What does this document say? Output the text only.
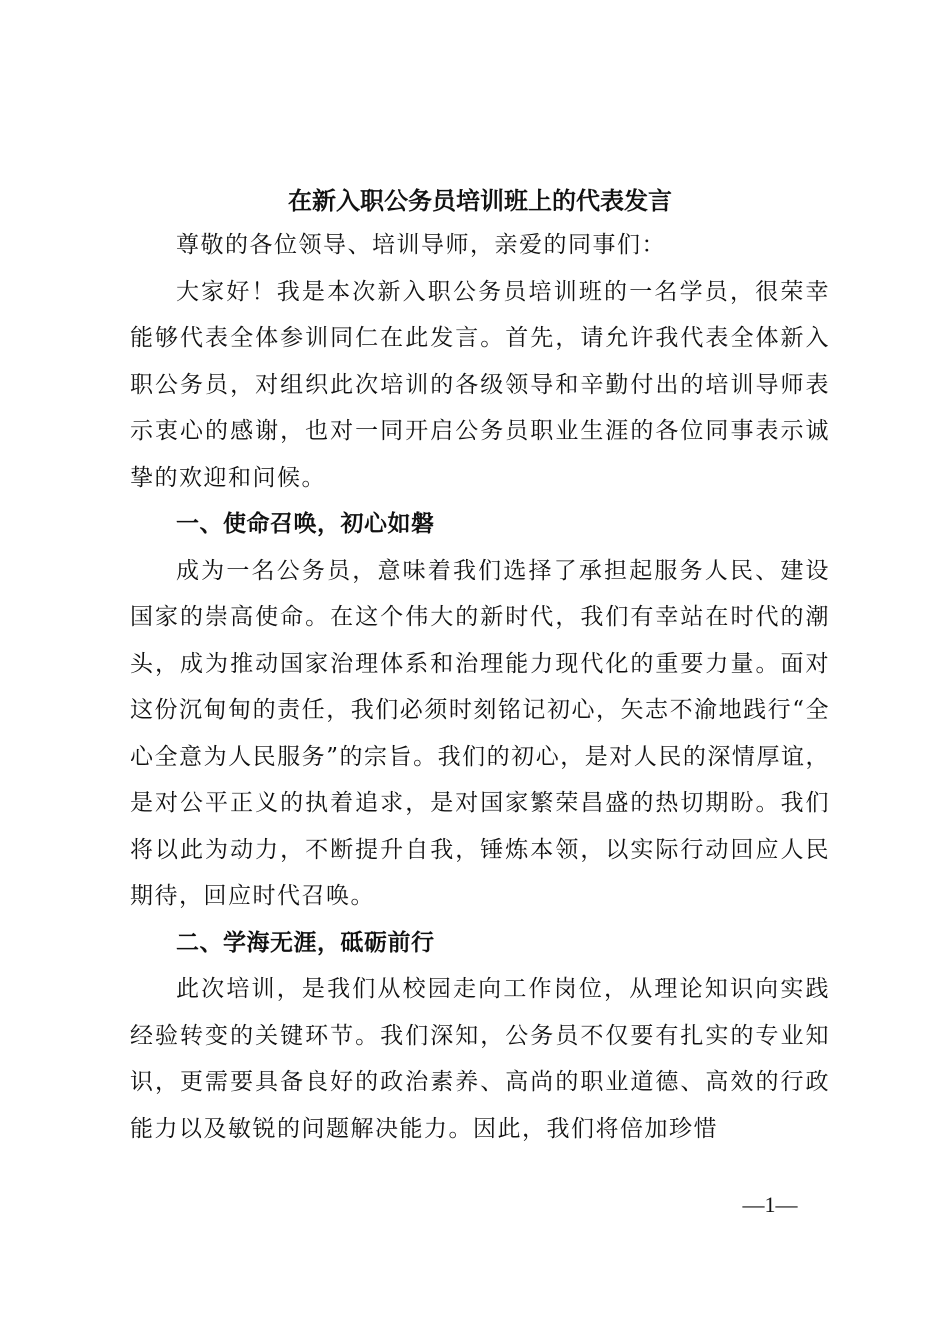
在新入职公务员培训班上的代表发言

尊敬的各位领导、培训导师，亲爱的同事们：

大家好！我是本次新入职公务员培训班的一名学员，很荣幸能够代表全体参训同仁在此发言。首先，请允许我代表全体新入职公务员，对组织此次培训的各级领导和辛勤付出的培训导师表示衷心的感谢，也对一同开启公务员职业生涯的各位同事表示诚挚的欢迎和问候。

一、使命召唤，初心如磐

成为一名公务员，意味着我们选择了承担起服务人民、建设国家的崇高使命。在这个伟大的新时代，我们有幸站在时代的潮头，成为推动国家治理体系和治理能力现代化的重要力量。面对这份沉甸甸的责任，我们必须时刻铭记初心，矢志不渝地践行“全心全意为人民服务”的宗旨。我们的初心，是对人民的深情厚谊，是对公平正义的执着追求，是对国家繁荣昌盛的热切期盼。我们将以此为动力，不断提升自我，锤炼本领，以实际行动回应人民期待，回应时代召唤。

二、学海无涯，砥砺前行

此次培训，是我们从校园走向工作岗位，从理论知识向实践经验转变的关键环节。我们深知，公务员不仅要有扎实的专业知识，更需要具备良好的政治素养、高尚的职业道德、高效的行政能力以及敏锐的问题解决能力。因此，我们将倍加珍惜

—1—
